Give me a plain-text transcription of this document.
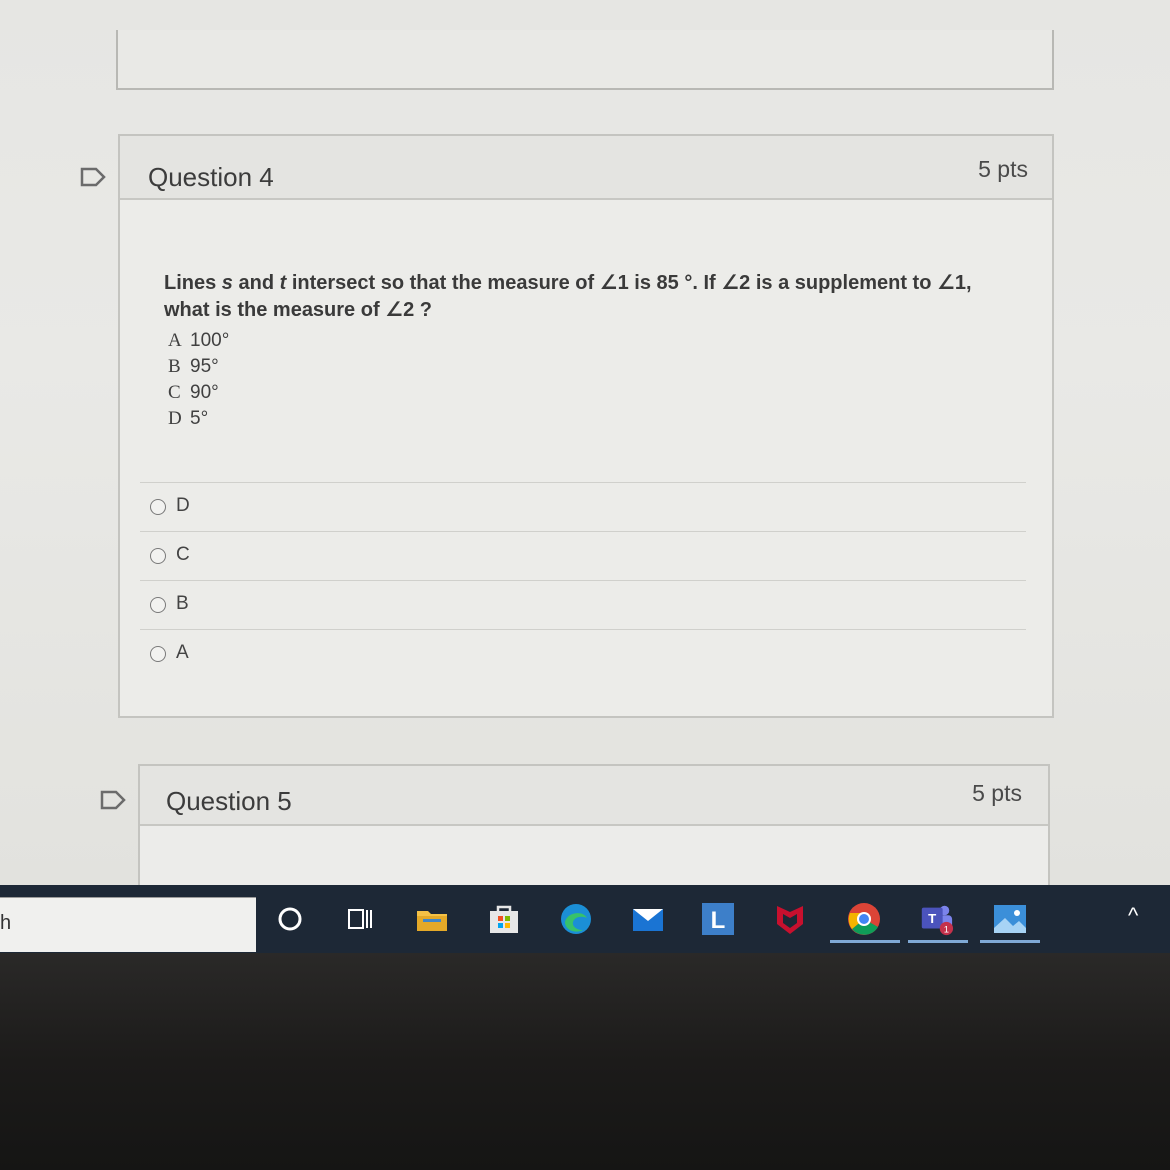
Question 4	5 pts
Lines s and t intersect so that the measure of ∠1 is 85 °. If ∠2 is a supplement to ∠1,
what is the measure of ∠2 ?
A 100°
B 95°
C 90°
D 5°
D
C
B
A
Question 5	5 pts
h	L	T
1
^
